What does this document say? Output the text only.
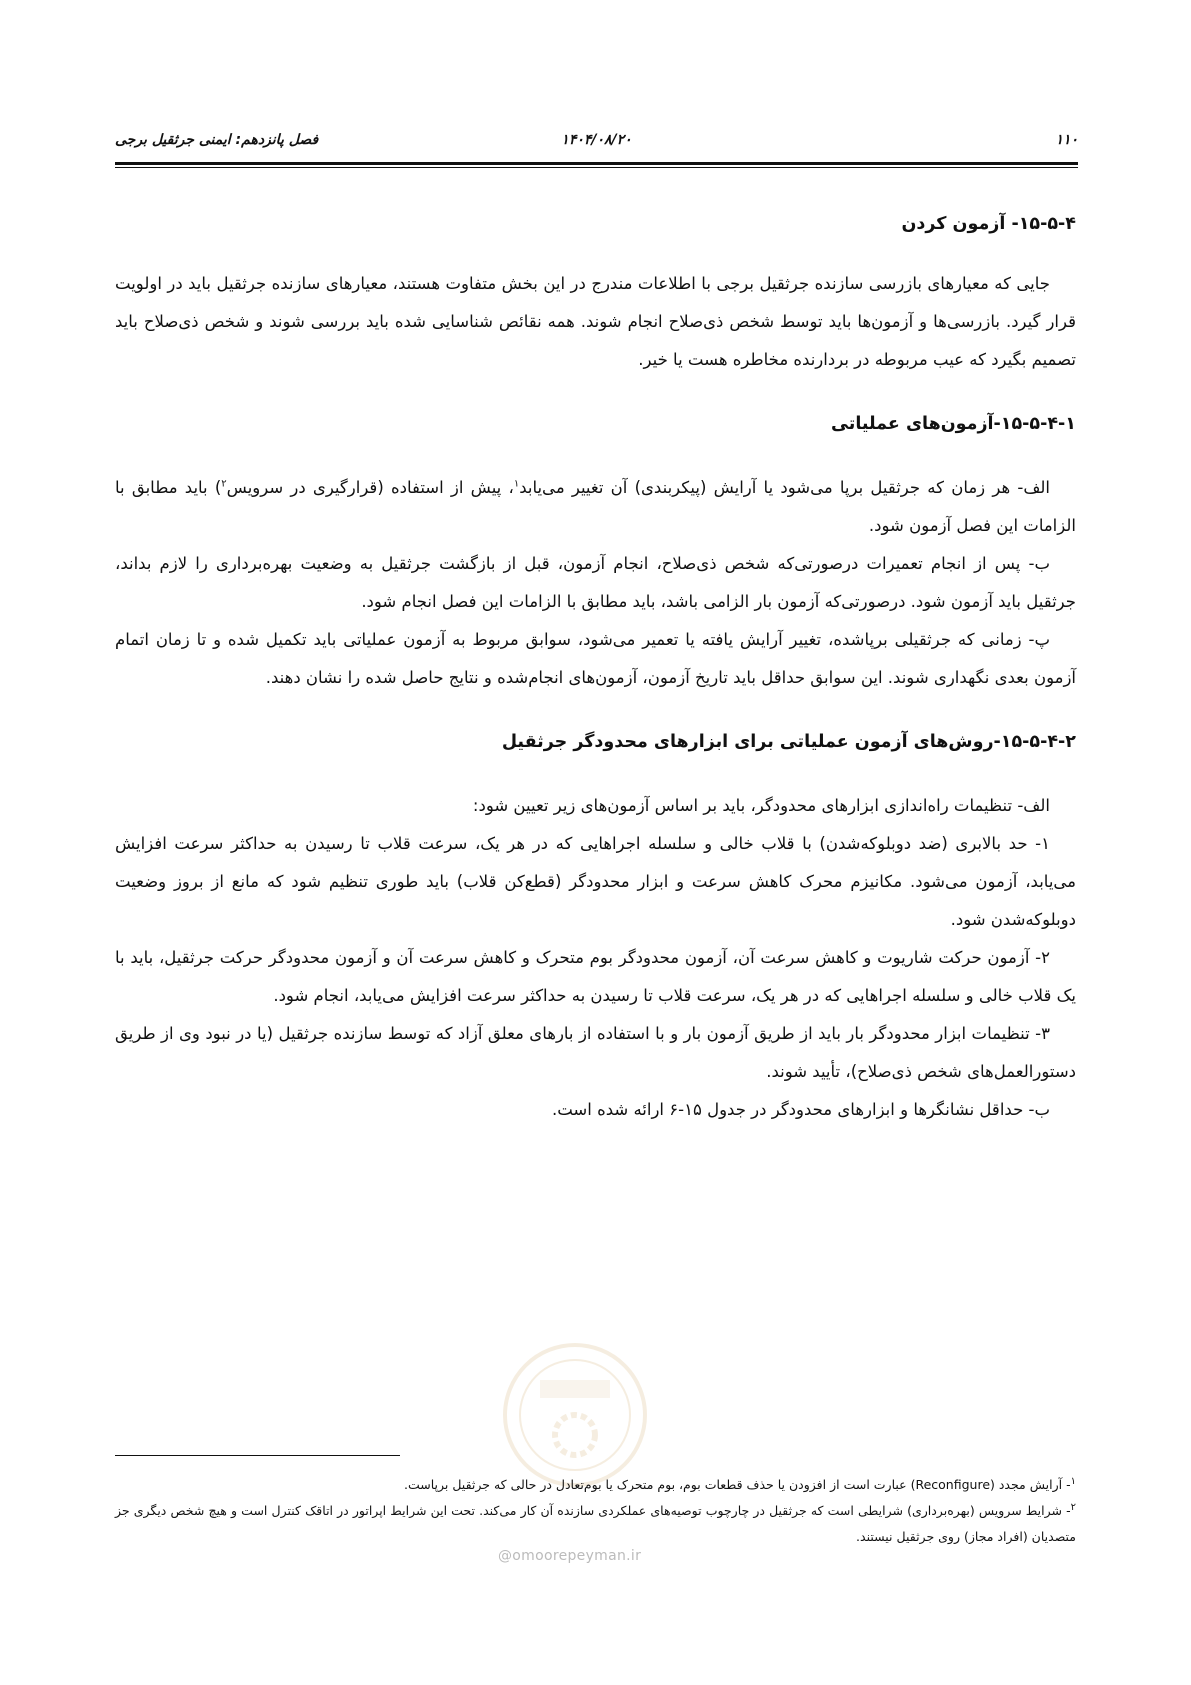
۱۱۰
۱۴۰۴/۰۸/۲۰
فصل پانزدهم: ایمنی جرثقیل برجی
۱۵-۵-۴- آزمون کردن

جایی که معیارهای بازرسی سازنده جرثقیل برجی با اطلاعات مندرج در این بخش متفاوت هستند، معیارهای سازنده جرثقیل باید در اولویت قرار گیرد. بازرسی‌ها و آزمون‌ها باید توسط شخص ذی‌صلاح انجام شوند. همه نقائص شناسایی شده باید بررسی شوند و شخص ذی‌صلاح باید تصمیم بگیرد که عیب مربوطه در بردارنده مخاطره هست یا خیر.

۱۵-۵-۴-۱-آزمون‌های عملیاتی

الف- هر زمان که جرثقیل برپا می‌شود یا آرایش (پیکربندی) آن تغییر می‌یابد$^۱$، پیش از استفاده (قرارگیری در سرویس$^۲$) باید مطابق با الزامات این فصل آزمون شود.

ب- پس از انجام تعمیرات درصورتی‌که شخص ذی‌صلاح، انجام آزمون، قبل از بازگشت جرثقیل به وضعیت بهره‌برداری را لازم بداند، جرثقیل باید آزمون شود. درصورتی‌که آزمون بار الزامی باشد، باید مطابق با الزامات این فصل انجام شود.

پ- زمانی که جرثقیلی برپاشده، تغییر آرایش یافته یا تعمیر می‌شود، سوابق مربوط به آزمون عملیاتی باید تکمیل شده و تا زمان اتمام آزمون بعدی نگهداری شوند. این سوابق حداقل باید تاریخ آزمون، آزمون‌های انجام‌شده و نتایج حاصل شده را نشان دهند.

۱۵-۵-۴-۲-روش‌های آزمون عملیاتی برای ابزارهای محدودگر جرثقیل

الف- تنظیمات راه‌اندازی ابزارهای محدودگر، باید بر اساس آزمون‌های زیر تعیین شود:

۱- حد بالابری (ضد دوبلوکه‌شدن) با قلاب خالی و سلسله اجراهایی که در هر یک، سرعت قلاب تا رسیدن به حداکثر سرعت افزایش می‌یابد، آزمون می‌شود. مکانیزم محرک کاهش سرعت و ابزار محدودگر (قطع‌کن قلاب) باید طوری تنظیم شود که مانع از بروز وضعیت دوبلوکه‌شدن شود.

۲- آزمون حرکت شاریوت و کاهش سرعت آن، آزمون محدودگر بوم متحرک و کاهش سرعت آن و آزمون محدودگر حرکت جرثقیل، باید با یک قلاب خالی و سلسله اجراهایی که در هر یک، سرعت قلاب تا رسیدن به حداکثر سرعت افزایش می‌یابد، انجام شود.

۳- تنظیمات ابزار محدودگر بار باید از طریق آزمون بار و با استفاده از بارهای معلق آزاد که توسط سازنده جرثقیل (یا در نبود وی از طریق دستورالعمل‌های شخص ذی‌صلاح)، تأیید شوند.

ب- حداقل نشانگرها و ابزارهای محدودگر در جدول ۱۵-۶ ارائه شده است.

@omoorepeyman.ir

$^۱$- آرایش مجدد (Reconfigure) عبارت است از افزودن یا حذف قطعات بوم، بوم متحرک یا بوم‌تعادل در حالی که جرثقیل برپاست.

$^۲$- شرایط سرویس (بهره‌برداری) شرایطی است که جرثقیل در چارچوب توصیه‌های عملکردی سازنده آن کار می‌کند. تحت این شرایط اپراتور در اتاقک کنترل است و هیچ شخص دیگری جز متصدیان (افراد مجاز) روی جرثقیل نیستند.
